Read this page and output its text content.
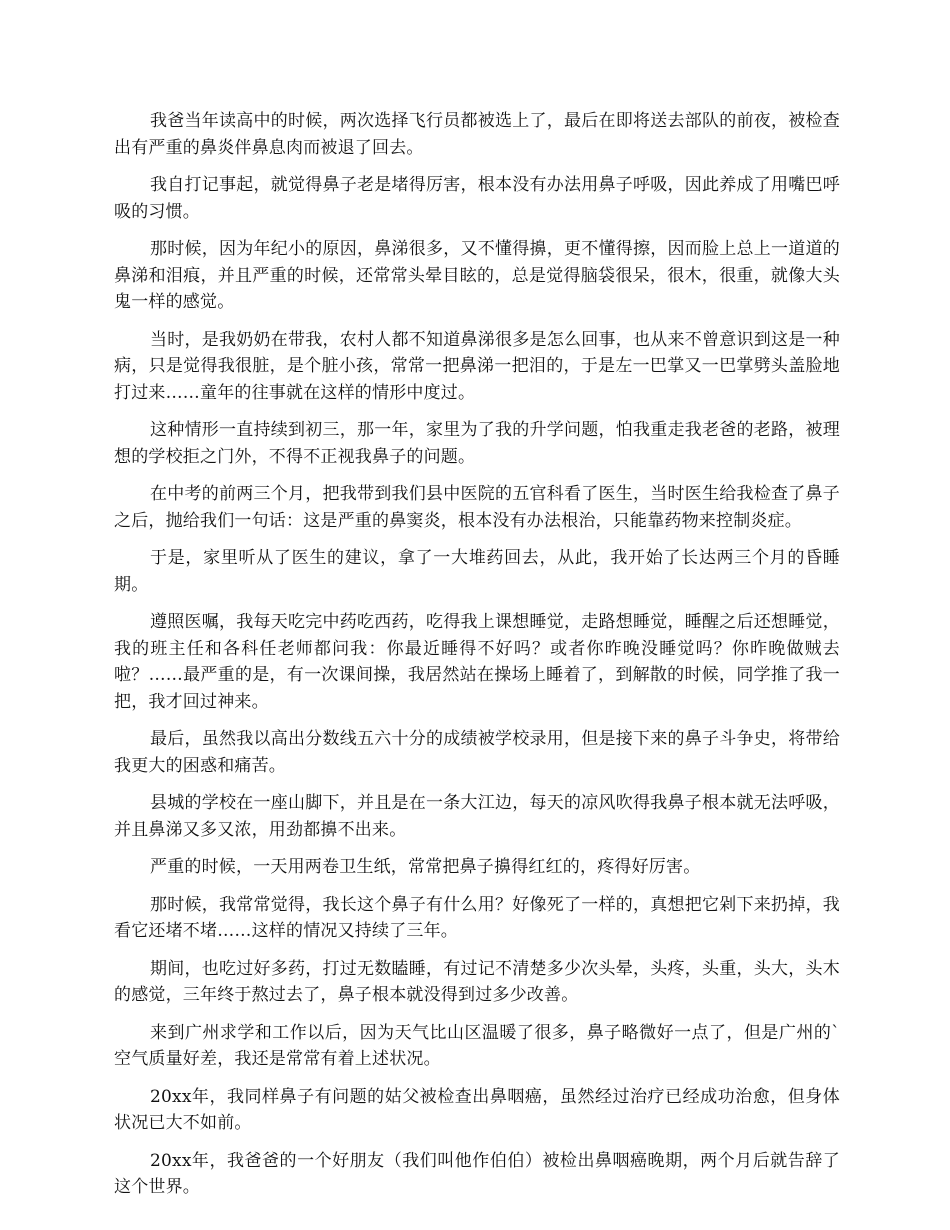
我爸当年读高中的时候，两次选择飞行员都被选上了，最后在即将送去部队的前夜，被检查出有严重的鼻炎伴鼻息肉而被退了回去。

我自打记事起，就觉得鼻子老是堵得厉害，根本没有办法用鼻子呼吸，因此养成了用嘴巴呼吸的习惯。

那时候，因为年纪小的原因，鼻涕很多，又不懂得擤，更不懂得擦，因而脸上总上一道道的鼻涕和泪痕，并且严重的时候，还常常头晕目眩的，总是觉得脑袋很呆，很木，很重，就像大头鬼一样的感觉。

当时，是我奶奶在带我，农村人都不知道鼻涕很多是怎么回事，也从来不曾意识到这是一种病，只是觉得我很脏，是个脏小孩，常常一把鼻涕一把泪的，于是左一巴掌又一巴掌劈头盖脸地打过来……童年的往事就在这样的情形中度过。

这种情形一直持续到初三，那一年，家里为了我的升学问题，怕我重走我老爸的老路，被理想的学校拒之门外，不得不正视我鼻子的问题。

在中考的前两三个月，把我带到我们县中医院的五官科看了医生，当时医生给我检查了鼻子之后，抛给我们一句话：这是严重的鼻窦炎，根本没有办法根治，只能靠药物来控制炎症。

于是，家里听从了医生的建议，拿了一大堆药回去，从此，我开始了长达两三个月的昏睡期。

遵照医嘱，我每天吃完中药吃西药，吃得我上课想睡觉，走路想睡觉，睡醒之后还想睡觉，我的班主任和各科任老师都问我：你最近睡得不好吗？或者你昨晚没睡觉吗？你昨晚做贼去啦？……最严重的是，有一次课间操，我居然站在操场上睡着了，到解散的时候，同学推了我一把，我才回过神来。

最后，虽然我以高出分数线五六十分的成绩被学校录用，但是接下来的鼻子斗争史，将带给我更大的困惑和痛苦。

县城的学校在一座山脚下，并且是在一条大江边，每天的凉风吹得我鼻子根本就无法呼吸，并且鼻涕又多又浓，用劲都擤不出来。

严重的时候，一天用两卷卫生纸，常常把鼻子擤得红红的，疼得好厉害。

那时候，我常常觉得，我长这个鼻子有什么用？好像死了一样的，真想把它剁下来扔掉，我看它还堵不堵……这样的情况又持续了三年。

期间，也吃过好多药，打过无数瞌睡，有过记不清楚多少次头晕，头疼，头重，头大，头木的感觉，三年终于熬过去了，鼻子根本就没得到过多少改善。

来到广州求学和工作以后，因为天气比山区温暖了很多，鼻子略微好一点了，但是广州的`空气质量好差，我还是常常有着上述状况。

20xx年，我同样鼻子有问题的姑父被检查出鼻咽癌，虽然经过治疗已经成功治愈，但身体状况已大不如前。

20xx年，我爸爸的一个好朋友（我们叫他作伯伯）被检出鼻咽癌晚期，两个月后就告辞了这个世界。
